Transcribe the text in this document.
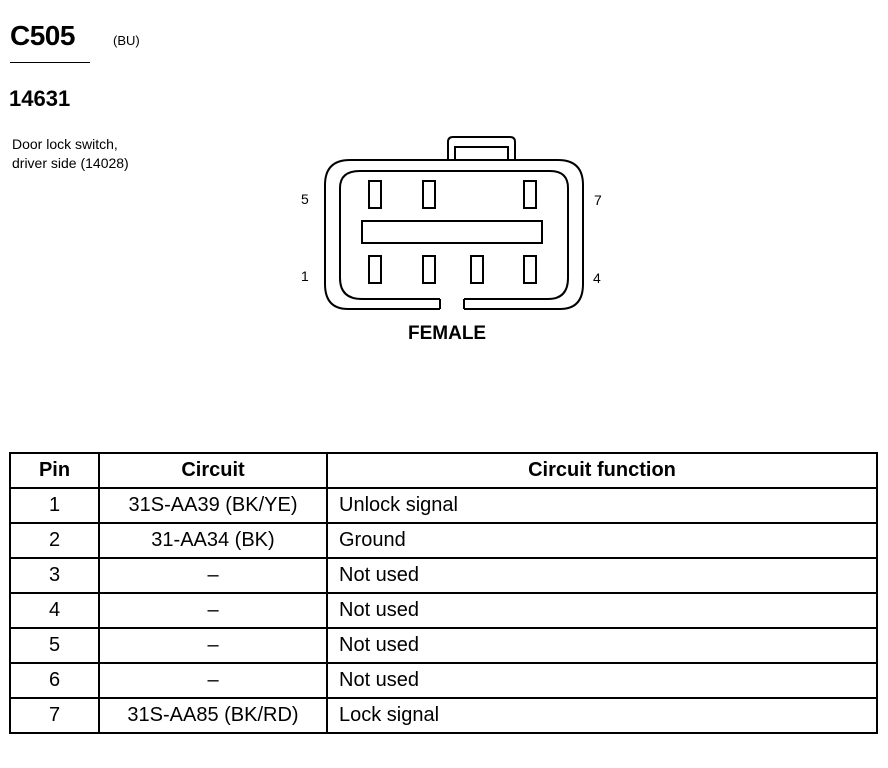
C505	(BU)
14631
Door lock switch,
driver side (14028)
5	7
1	4
FEMALE
Pin	Circuit	Circuit function
1	31S-AA39 (BK/YE)	Unlock signal
2	31-AA34 (BK)	Ground
3	–	Not used
4	–	Not used
5	–	Not used
6	–	Not used
7	31S-AA85 (BK/RD)	Lock signal
